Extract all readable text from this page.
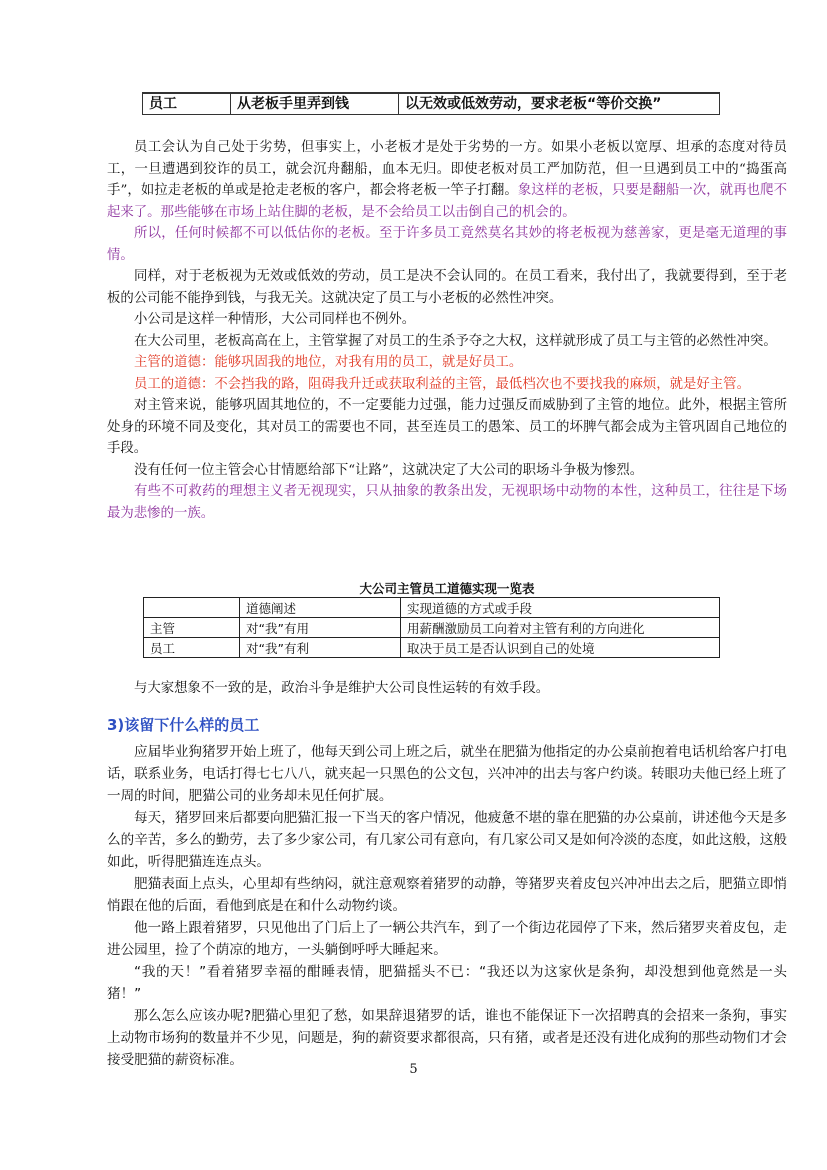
员工	从老板手里弄到钱	以无效或低效劳动，要求老板“等价交换”

员工会认为自己处于劣势，但事实上，小老板才是处于劣势的一方。如果小老板以宽厚、坦承的态度对待员工，一旦遭遇到狡诈的员工，就会沉舟翻船，血本无归。即使老板对员工严加防范，但一旦遇到员工中的“捣蛋高手”，如拉走老板的单或是抢走老板的客户，都会将老板一竿子打翻。象这样的老板，只要是翻船一次，就再也爬不起来了。那些能够在市场上站住脚的老板，是不会给员工以击倒自己的机会的。

所以，任何时候都不可以低估你的老板。至于许多员工竟然莫名其妙的将老板视为慈善家，更是毫无道理的事情。

同样，对于老板视为无效或低效的劳动，员工是决不会认同的。在员工看来，我付出了，我就要得到，至于老板的公司能不能挣到钱，与我无关。这就决定了员工与小老板的必然性冲突。

小公司是这样一种情形，大公司同样也不例外。

在大公司里，老板高高在上，主管掌握了对员工的生杀予夺之大权，这样就形成了员工与主管的必然性冲突。

主管的道德：能够巩固我的地位，对我有用的员工，就是好员工。

员工的道德：不会挡我的路，阻碍我升迁或获取利益的主管，最低档次也不要找我的麻烦，就是好主管。

对主管来说，能够巩固其地位的，不一定要能力过强，能力过强反而威胁到了主管的地位。此外，根据主管所处身的环境不同及变化，其对员工的需要也不同，甚至连员工的愚笨、员工的坏脾气都会成为主管巩固自己地位的手段。

没有任何一位主管会心甘情愿给部下“让路”，这就决定了大公司的职场斗争极为惨烈。

有些不可救药的理想主义者无视现实，只从抽象的教条出发，无视职场中动物的本性，这种员工，往往是下场最为悲惨的一族。

大公司主管员工道德实现一览表
	道德阐述	实现道德的方式或手段
主管	对“我”有用	用薪酬激励员工向着对主管有利的方向进化
员工	对“我”有利	取决于员工是否认识到自己的处境

与大家想象不一致的是，政治斗争是维护大公司良性运转的有效手段。

3)该留下什么样的员工

应届毕业狗猪罗开始上班了，他每天到公司上班之后，就坐在肥猫为他指定的办公桌前抱着电话机给客户打电话，联系业务，电话打得七七八八，就夹起一只黑色的公文包，兴冲冲的出去与客户约谈。转眼功夫他已经上班了一周的时间，肥猫公司的业务却未见任何扩展。

每天，猪罗回来后都要向肥猫汇报一下当天的客户情况，他疲惫不堪的靠在肥猫的办公桌前，讲述他今天是多么的辛苦，多么的勤劳，去了多少家公司，有几家公司有意向，有几家公司又是如何冷淡的态度，如此这般，这般如此，听得肥猫连连点头。

肥猫表面上点头，心里却有些纳闷，就注意观察着猪罗的动静，等猪罗夹着皮包兴冲冲出去之后，肥猫立即悄悄跟在他的后面，看他到底是在和什么动物约谈。

他一路上跟着猪罗，只见他出了门后上了一辆公共汽车，到了一个街边花园停了下来，然后猪罗夹着皮包，走进公园里，捡了个荫凉的地方，一头躺倒呼呼大睡起来。

“我的天！”看着猪罗幸福的酣睡表情，肥猫摇头不已：“我还以为这家伙是条狗，却没想到他竟然是一头猪！”

那么怎么应该办呢?肥猫心里犯了愁，如果辞退猪罗的话，谁也不能保证下一次招聘真的会招来一条狗，事实上动物市场狗的数量并不少见，问题是，狗的薪资要求都很高，只有猪，或者是还没有进化成狗的那些动物们才会接受肥猫的薪资标准。

5
